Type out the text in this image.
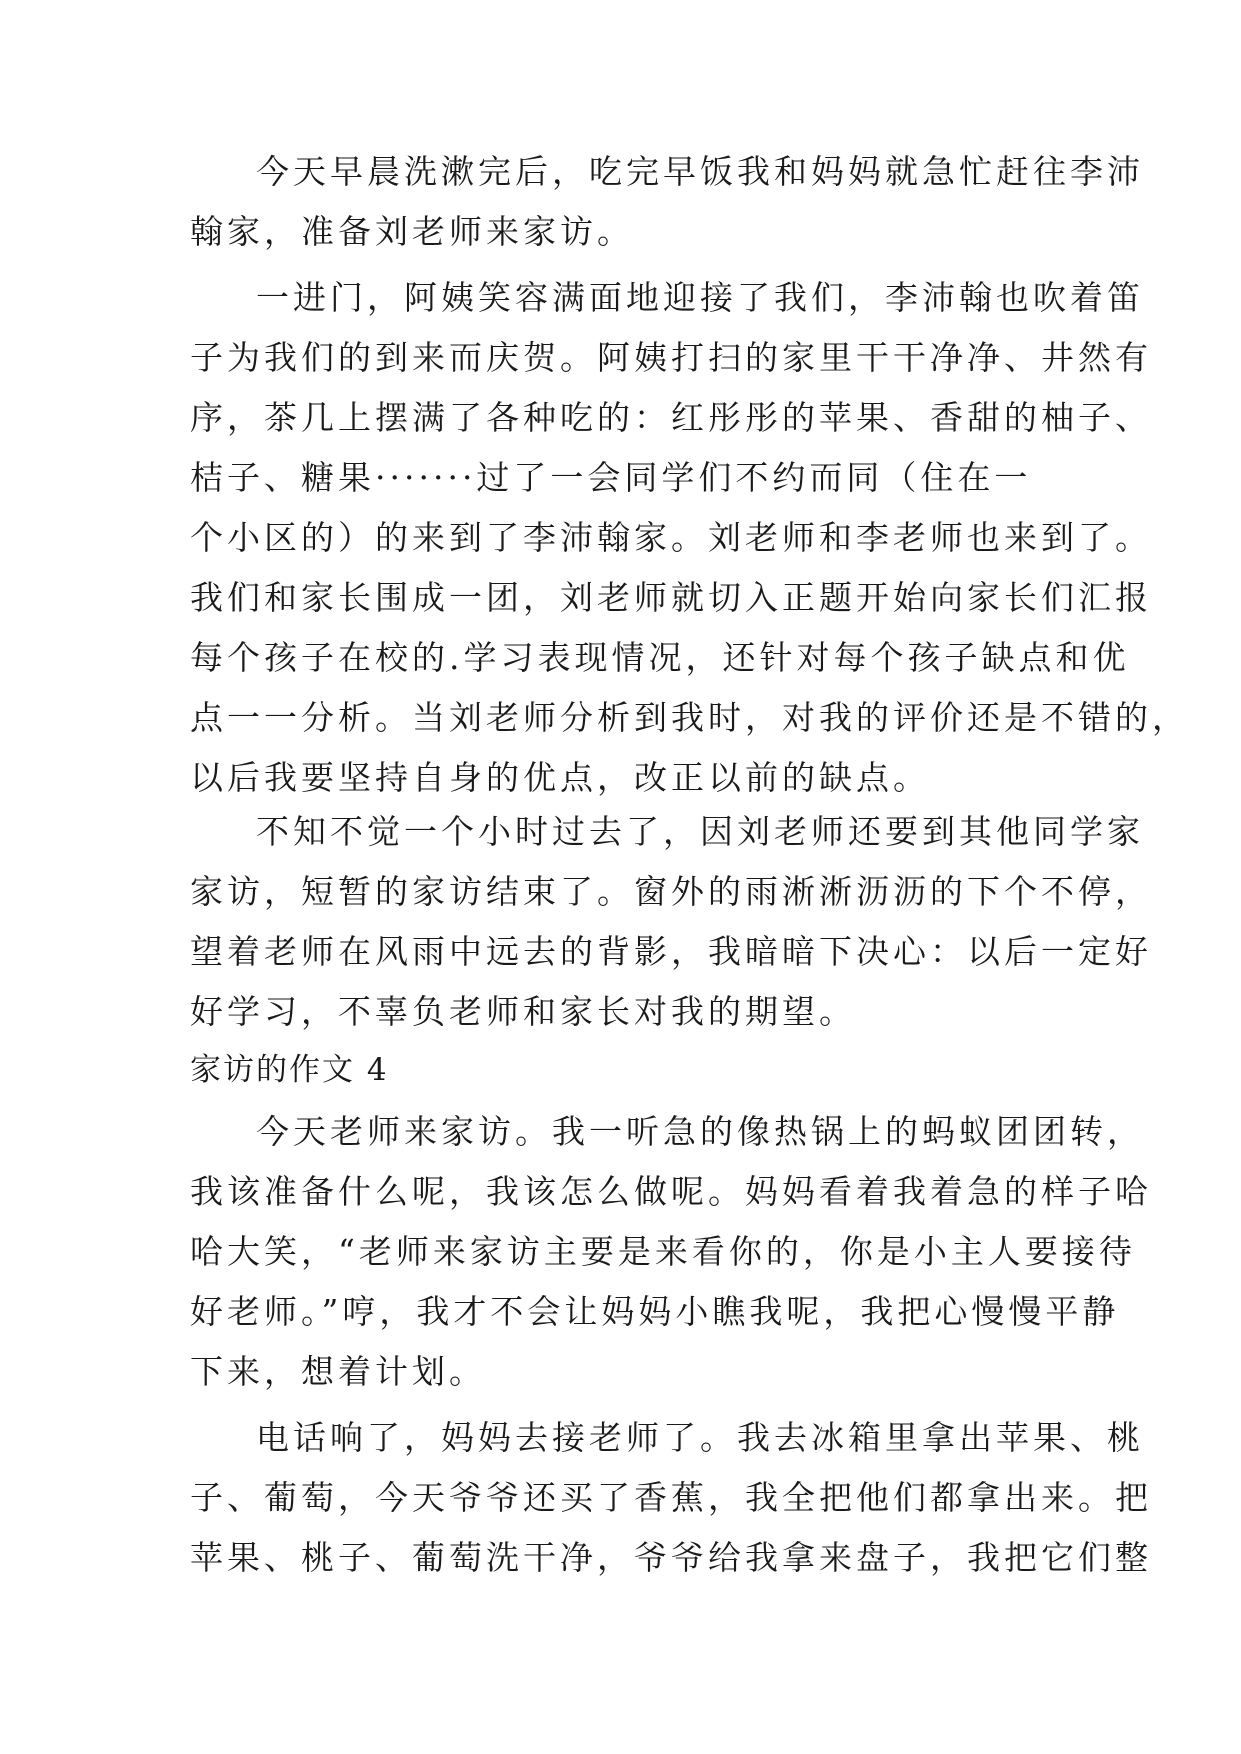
今天早晨洗漱完后，吃完早饭我和妈妈就急忙赶往李沛
翰家，准备刘老师来家访。
一进门，阿姨笑容满面地迎接了我们，李沛翰也吹着笛
子为我们的到来而庆贺。阿姨打扫的家里干干净净、井然有
序，茶几上摆满了各种吃的：红彤彤的苹果、香甜的柚子、
桔子、糖果·······过了一会同学们不约而同（住在一
个小区的）的来到了李沛翰家。刘老师和李老师也来到了。
我们和家长围成一团，刘老师就切入正题开始向家长们汇报
每个孩子在校的.学习表现情况，还针对每个孩子缺点和优
点一一分析。当刘老师分析到我时，对我的评价还是不错的，
以后我要坚持自身的优点，改正以前的缺点。
不知不觉一个小时过去了，因刘老师还要到其他同学家
家访，短暂的家访结束了。窗外的雨淅淅沥沥的下个不停，
望着老师在风雨中远去的背影，我暗暗下决心：以后一定好
好学习，不辜负老师和家长对我的期望。
家访的作文 4
今天老师来家访。我一听急的像热锅上的蚂蚁团团转，
我该准备什么呢，我该怎么做呢。妈妈看着我着急的样子哈
哈大笑，“老师来家访主要是来看你的，你是小主人要接待
好老师。”哼，我才不会让妈妈小瞧我呢，我把心慢慢平静
下来，想着计划。
电话响了，妈妈去接老师了。我去冰箱里拿出苹果、桃
子、葡萄，今天爷爷还买了香蕉，我全把他们都拿出来。把
苹果、桃子、葡萄洗干净，爷爷给我拿来盘子，我把它们整
